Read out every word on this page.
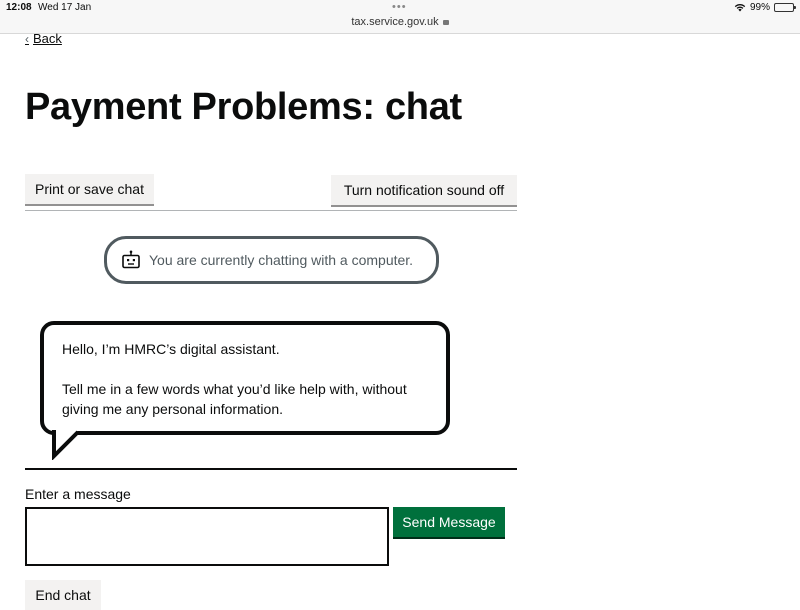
12:08 Wed 17 Jan	•••
tax.service.gov.uk
99%
‹ Back
Payment Problems: chat
Print or save chat	Turn notification sound off
You are currently chatting with a computer.

Hello, I’m HMRC’s digital assistant.

Tell me in a few words what you’d like help with, without giving me any personal information.

Enter a message
Send Message
End chat
